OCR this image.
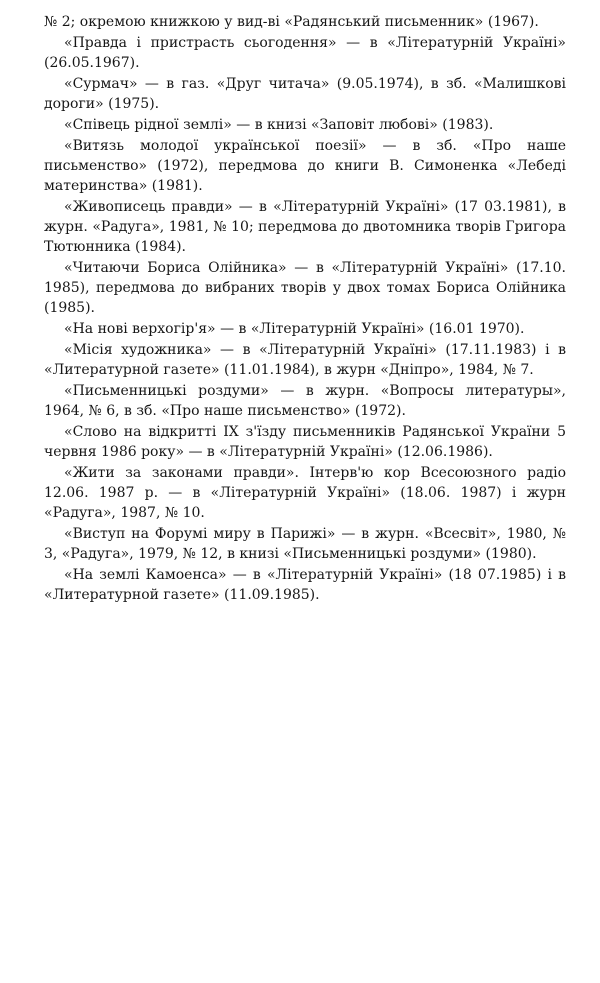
№ 2; окремою книжкою у вид-ві «Радянський письменник» (1967).

«Правда і пристрасть сьогодення» — в «Літературній Україні» (26.05.1967).

«Сурмач» — в газ. «Друг читача» (9.05.1974), в зб. «Малишкові дороги» (1975).

«Співець рідної землі» — в книзі «Заповіт любові» (1983).

«Витязь молодої української поезії» — в зб. «Про наше письменство» (1972), передмова до книги В. Симоненка «Лебеді материнства» (1981).

«Живописець правди» — в «Літературній Україні» (17 03.1981), в журн. «Радуга», 1981, № 10; передмова до двотомника творів Григора Тютюнника (1984).

«Читаючи Бориса Олійника» — в «Літературній Україні» (17.10. 1985), передмова до вибраних творів у двох томах Бориса Олійника (1985).

«На нові верхогір'я» — в «Літературній Україні» (16.01 1970).

«Місія художника» — в «Літературній Україні» (17.11.1983) і в «Литературной газете» (11.01.1984), в журн «Дніпро», 1984, № 7.

«Письменницькі роздуми» — в журн. «Вопросы литературы», 1964, № 6, в зб. «Про наше письменство» (1972).

«Слово на відкритті IX з'їзду письменників Радянської України 5 червня 1986 року» — в «Літературній Україні» (12.06.1986).

«Жити за законами правди». Інтерв'ю кор Всесоюзного радіо 12.06. 1987 р. — в «Літературній Україні» (18.06. 1987) і журн «Радуга», 1987, № 10.

«Виступ на Форумі миру в Парижі» — в журн. «Всесвіт», 1980, № 3, «Радуга», 1979, № 12, в книзі «Письменницькі роздуми» (1980).

«На землі Камоенса» — в «Літературній Україні» (18 07.1985) і в «Литературной газете» (11.09.1985).
